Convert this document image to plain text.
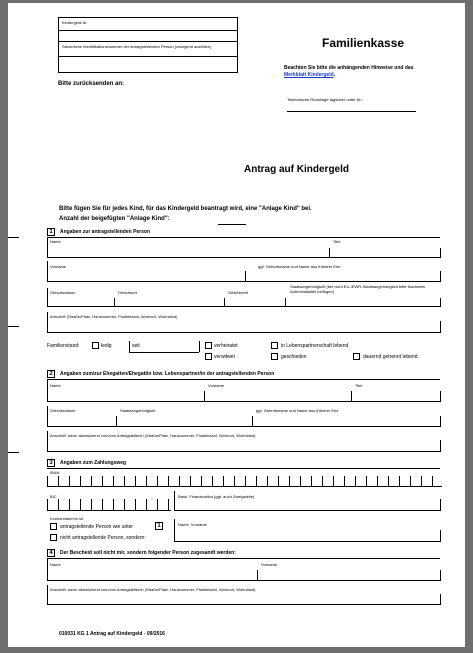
Kindergeld-Nr.
Steuerliche Identifikationsnummer der antragstellenden Person (zwingend ausfüllen)
Bitte zurücksenden an:
Familienkasse
Beachten Sie bitte die anhängenden Hinweise und das Merkblatt Kindergeld.
Telefonische Rückfrage tagsüber unter Nr.:
Antrag auf Kindergeld
Bitte fügen Sie für jedes Kind, für das Kindergeld beantragt wird, eine "Anlage Kind" bei.
Anzahl der beigefügten "Anlage Kind":
1	Angaben zur antragstellenden Person
Name	Titel
Vorname	ggf. Geburtsname und Name aus früherer Ehe
Geburtsdatum	Geburtsort	Geschlecht
Staatsangehörigkeit (bei nicht EU-/EWR-Staatsangehörigkeit bitte Nachweis Aufenthaltstitel beifügen)
Anschrift (Straße/Platz, Hausnummer, Postleitzahl, Wohnort, Wohnland)
Familienstand:	ledig	seit	verheiratet
verwitwet
in Lebenspartnerschaft lebend
geschieden	dauernd getrennt lebend
2	Angaben zum/zur Ehegatten/Ehegattin bzw. Lebenspartner/in der antragstellenden Person
Name	Vorname	Titel
Geburtsdatum	Staatsangehörigkeit	ggf. Geburtsname und Name aus früherer Ehe
Anschrift, wenn abweichend vom/von Antragsteller/in (Straße/Platz, Hausnummer, Postleitzahl, Wohnort, Wohnland)
3	Angaben zum Zahlungsweg
IBAN
BIC	Bank, Finanzinstitut (ggf. auch Zweigstelle)
Kontoinhaber/in ist
antragstellende Person wie unter	1
nicht antragstellende Person, sondern:
Name, Vorname
4	Der Bescheid soll nicht mir, sondern folgender Person zugesandt werden:
Name	Vorname
Anschrift, wenn abweichend vom/von Antragsteller/in (Straße/Platz, Hausnummer, Postleitzahl, Wohnort, Wohnland)
010031 KG 1 Antrag auf Kindergeld - 09/2016
